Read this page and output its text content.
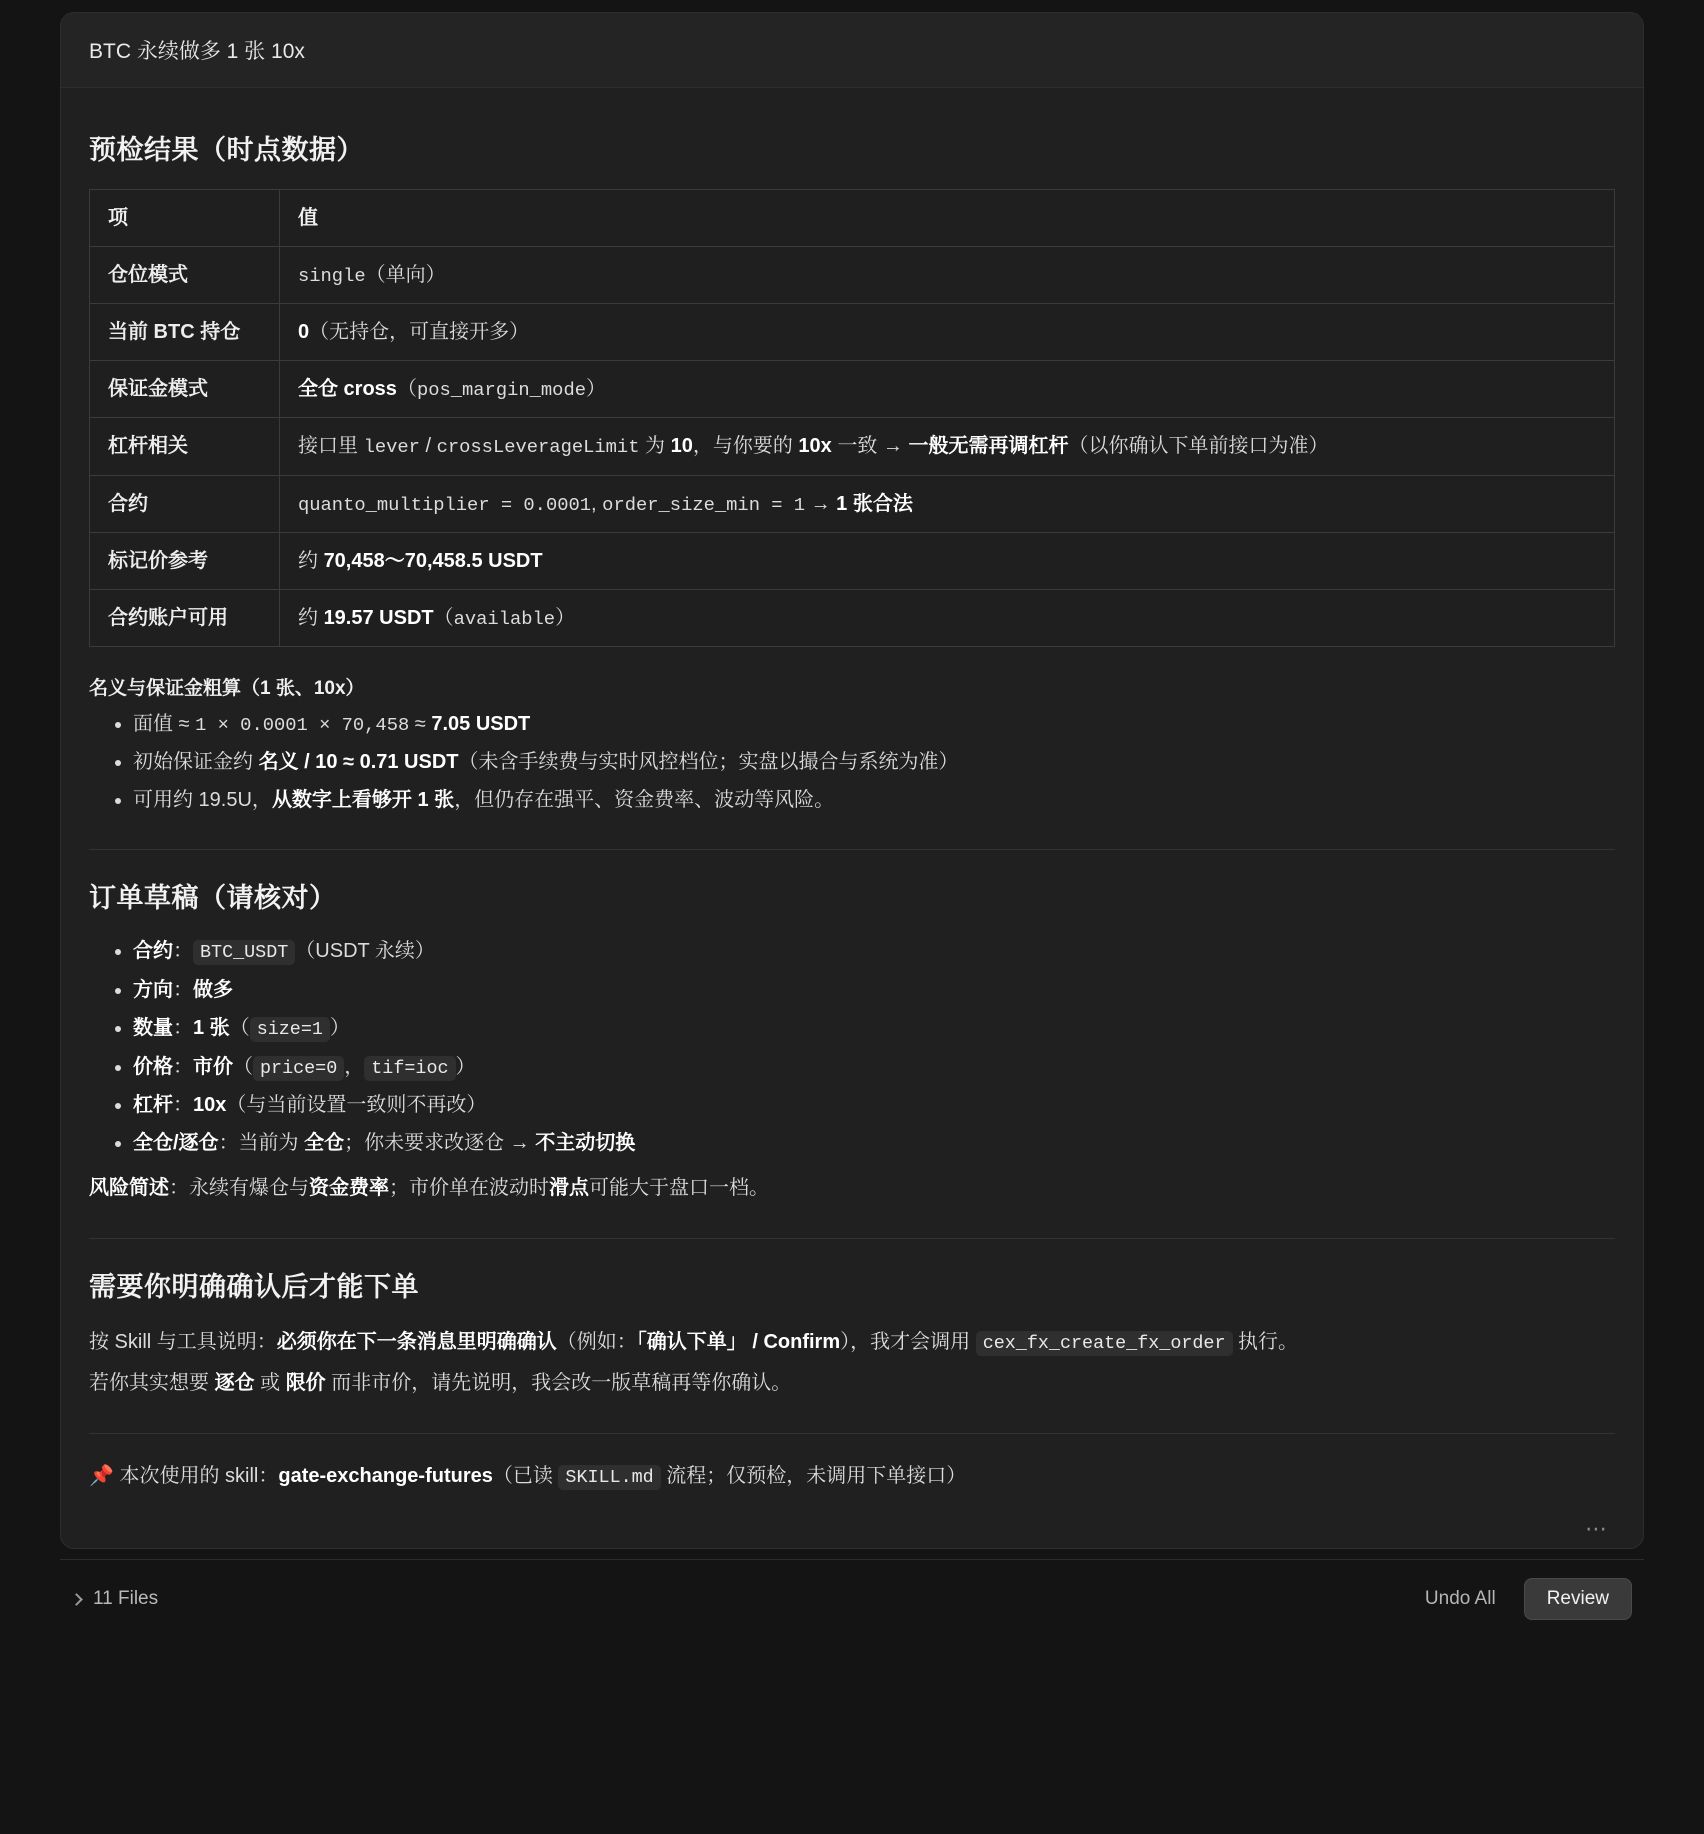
BTC 永续做多 1 张 10x
预检结果（时点数据）
项	值
仓位模式	single（单向）
当前 BTC 持仓	0（无持仓，可直接开多）
保证金模式	全仓 cross（pos_margin_mode）
杠杆相关	接口里 lever / crossLeverageLimit 为 10，与你要的 10x 一致 → 一般无需再调杠杆（以你确认下单前接口为准）
合约	quanto_multiplier = 0.0001, order_size_min = 1 → 1 张合法
标记价参考	约 70,458～70,458.5 USDT
合约账户可用	约 19.57 USDT（available）
名义与保证金粗算（1 张、10x）
• 面值 ≈ 1 × 0.0001 × 70,458 ≈ 7.05 USDT
• 初始保证金约 名义 / 10 ≈ 0.71 USDT（未含手续费与实时风控档位；实盘以撮合与系统为准）
• 可用约 19.5U，从数字上看够开 1 张，但仍存在强平、资金费率、波动等风险。
订单草稿（请核对）
• 合约： BTC_USDT （USDT 永续）
• 方向：做多
• 数量：1 张（ size=1 ）
• 价格：市价（ price=0 ， tif=ioc ）
• 杠杆：10x（与当前设置一致则不再改）
• 全仓/逐仓：当前为 全仓；你未要求改逐仓 → 不主动切换
风险简述：永续有爆仓与资金费率；市价单在波动时滑点可能大于盘口一档。
需要你明确确认后才能下单

按 Skill 与工具说明：必须你在下一条消息里明确确认（例如：「确认下单」 / Confirm），我才会调用 cex_fx_create_fx_order 执行。

若你其实想要 逐仓 或 限价 而非市价，请先说明，我会改一版草稿再等你确认。

📌 本次使用的 skill：gate-exchange-futures（已读 SKILL.md 流程；仅预检，未调用下单接口）
⋯
11 Files	Undo All	Review
